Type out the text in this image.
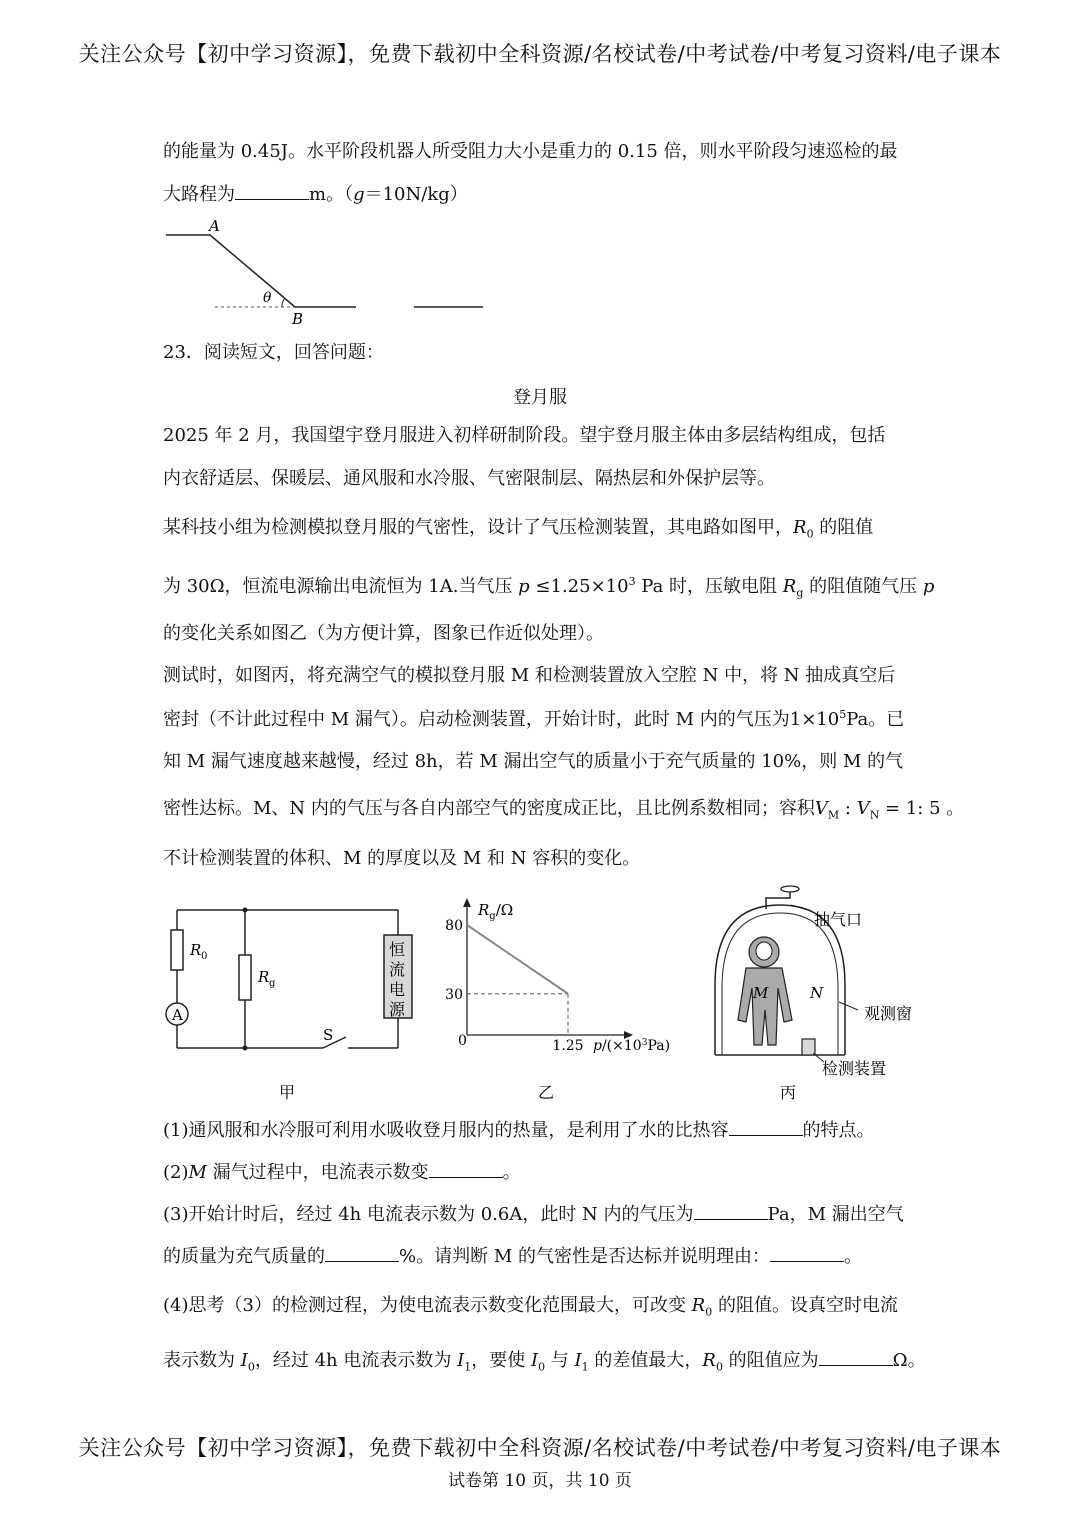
关注公众号【初中学习资源】，免费下载初中全科资源/名校试卷/中考试卷/中考复习资料/电子课本
的能量为 0.45J。水平阶段机器人所受阻力大小是重力的 0.15 倍，则水平阶段匀速巡检的最
大路程为	m。（g＝10N/kg）
A
B
θ
23．阅读短文，回答问题：
登月服
2025 年 2 月，我国望宇登月服进入初样研制阶段。望宇登月服主体由多层结构组成，包括
内衣舒适层、保暖层、通风服和水冷服、气密限制层、隔热层和外保护层等。
某科技小组为检测模拟登月服的气密性，设计了气压检测装置，其电路如图甲，$R_0$ 的阻值
为 30Ω，恒流电源输出电流恒为 1A.当气压 $p \le 1.25\times 10^3$ Pa 时，压敏电阻 $R_g$ 的阻值随气压 p
的变化关系如图乙（为方便计算，图象已作近似处理）。
测试时，如图丙，将充满空气的模拟登月服 M 和检测装置放入空腔 N 中，将 N 抽成真空后
密封（不计此过程中 M 漏气）。启动检测装置，开始计时，此时 M 内的气压为$1\times 10^5Pa$。已
知 M 漏气速度越来越慢，经过 8h，若 M 漏出空气的质量小于充气质量的 10%，则 M 的气
密性达标。M、N 内的气压与各自内部空气的密度成正比，且比例系数相同；容积$V_M$ : $V_N = 1$: 5 。
不计检测装置的体积、M 的厚度以及 M 和 N 容积的变化。
A
恒
流
电
源
R 0
R g
S
甲
80
30
1.25
0
$R_g/\Omega$
$p/(\times 10^3Pa)$
乙
抽气口
M	N
观测窗
检测装置
丙
(1)通风服和水冷服可利用水吸收登月服内的热量，是利用了水的比热容	的特点。
(2)M 漏气过程中，电流表示数变	。
(3)开始计时后，经过 4h 电流表示数为 0.6A，此时 N 内的气压为	Pa，M 漏出空气
的质量为充气质量的	%。请判断 M 的气密性是否达标并说明理由：	。
(4)思考（3）的检测过程，为使电流表示数变化范围最大，可改变 $R_0$ 的阻值。设真空时电流
表示数为 $I_0$，经过 4h 电流表示数为 $I_1$，要使 $I_0$ 与 $I_1$ 的差值最大，$R_0$ 的阻值应为	Ω。
关注公众号【初中学习资源】，免费下载初中全科资源/名校试卷/中考试卷/中考复习资料/电子课本
试卷第 10 页，共 10 页
